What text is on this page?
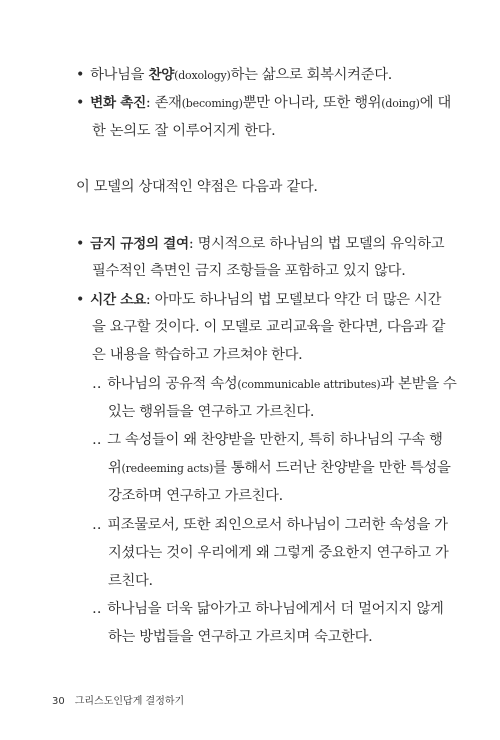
• 하나님을 찬양(doxology)하는 삶으로 회복시켜준다.
• 변화 촉진: 존재(becoming)뿐만 아니라, 또한 행위(doing)에 대
한 논의도 잘 이루어지게 한다.
이 모델의 상대적인 약점은 다음과 같다.
• 금지 규정의 결여: 명시적으로 하나님의 법 모델의 유익하고
필수적인 측면인 금지 조항들을 포함하고 있지 않다.
• 시간 소요: 아마도 하나님의 법 모델보다 약간 더 많은 시간
을 요구할 것이다. 이 모델로 교리교육을 한다면, 다음과 같
은 내용을 학습하고 가르쳐야 한다.
‥ 하나님의 공유적 속성(communicable attributes)과 본받을 수
있는 행위들을 연구하고 가르친다.
‥ 그 속성들이 왜 찬양받을 만한지, 특히 하나님의 구속 행
위(redeeming acts)를 통해서 드러난 찬양받을 만한 특성을
강조하며 연구하고 가르친다.
‥ 피조물로서, 또한 죄인으로서 하나님이 그러한 속성을 가
지셨다는 것이 우리에게 왜 그렇게 중요한지 연구하고 가
르친다.
‥ 하나님을 더욱 닮아가고 하나님에게서 더 멀어지지 않게
하는 방법들을 연구하고 가르치며 숙고한다.
30 그리스도인답게 결정하기
